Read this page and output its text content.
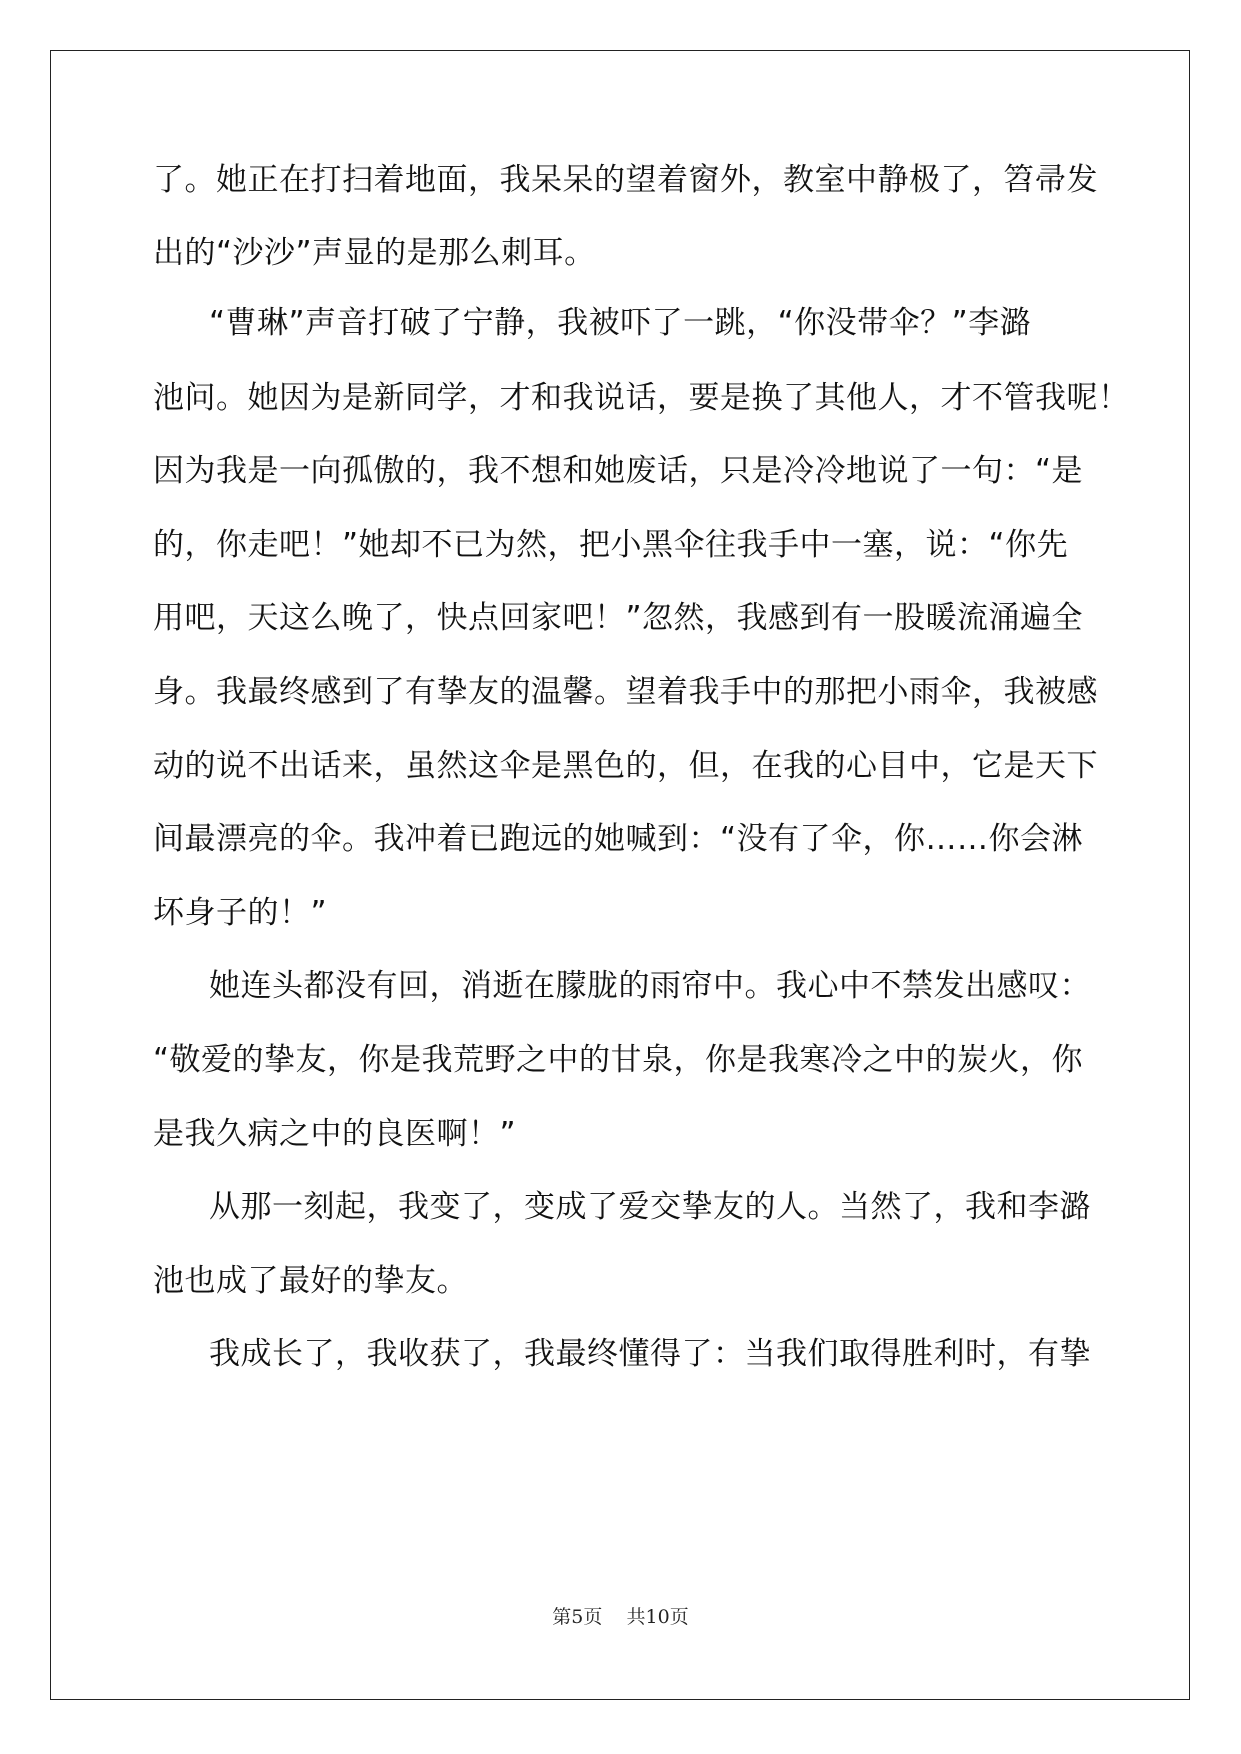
了。她正在打扫着地面，我呆呆的望着窗外，教室中静极了，笤帚发
出的“沙沙”声显的是那么刺耳。
“曹琳”声音打破了宁静，我被吓了一跳，“你没带伞？”李潞
池问。她因为是新同学，才和我说话，要是换了其他人，才不管我呢！
因为我是一向孤傲的，我不想和她废话，只是冷冷地说了一句：“是
的，你走吧！”她却不已为然，把小黑伞往我手中一塞，说：“你先
用吧，天这么晚了，快点回家吧！”忽然，我感到有一股暖流涌遍全
身。我最终感到了有挚友的温馨。望着我手中的那把小雨伞，我被感
动的说不出话来，虽然这伞是黑色的，但，在我的心目中，它是天下
间最漂亮的伞。我冲着已跑远的她喊到：“没有了伞，你……你会淋
坏身子的！”
她连头都没有回，消逝在朦胧的雨帘中。我心中不禁发出感叹：
“敬爱的挚友，你是我荒野之中的甘泉，你是我寒冷之中的炭火，你
是我久病之中的良医啊！”
从那一刻起，我变了，变成了爱交挚友的人。当然了，我和李潞
池也成了最好的挚友。
我成长了，我收获了，我最终懂得了：当我们取得胜利时，有挚
第5页 共10页
